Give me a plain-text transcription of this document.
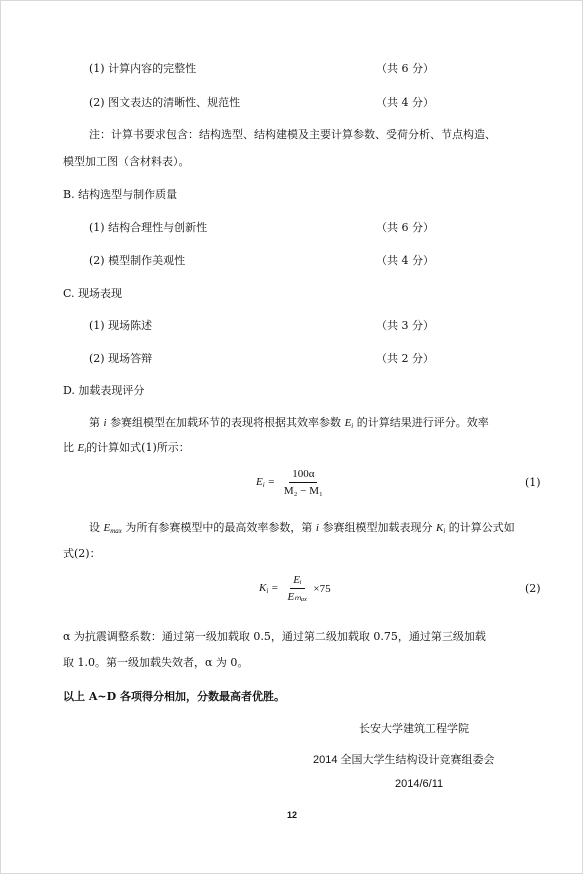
(1) 计算内容的完整性	（共 6 分）
(2) 图文表达的清晰性、规范性	（共 4 分）
注：计算书要求包含：结构选型、结构建模及主要计算参数、受荷分析、节点构造、
模型加工图（含材料表）。
B. 结构选型与制作质量
(1) 结构合理性与创新性	（共 6 分）
(2) 模型制作美观性	（共 4 分）
C. 现场表现
(1) 现场陈述	（共 3 分）
(2) 现场答辩	（共 2 分）
D. 加载表现评分
第 i 参赛组模型在加载环节的表现将根据其效率参数 $E_i$ 的计算结果进行评分。效率
比 $E_i$的计算如式(1)所示：
$E_i = \frac{100\alpha}{\text{M₂ − M₁}}$	(1)
设 $E_{max}$ 为所有参赛模型中的最高效率参数，第 i 参赛组模型加载表现分 $K_i$ 的计算公式如
式(2)：
$K_i = \frac{\text{Eᵢ}}{\text{Eₘₐₓ}} \times 75$	(2)
α 为抗震调整系数：通过第一级加载取 0.5，通过第二级加载取 0.75，通过第三级加载
取 1.0。第一级加载失效者，α 为 0。
以上 A~D 各项得分相加，分数最高者优胜。
长安大学建筑工程学院
2014 全国大学生结构设计竞赛组委会
2014/6/11
12
